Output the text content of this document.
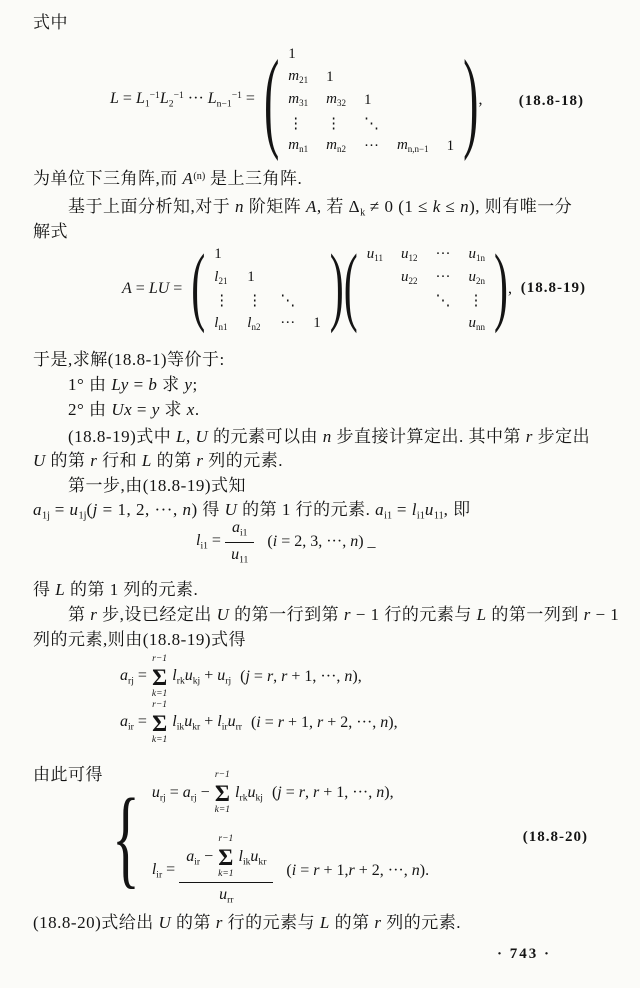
式中
为单位下三角阵,而 $A^{(n)}$ 是上三角阵.
基于上面分析知,对于 n 阶矩阵 A, 若 $\Delta_k \ne 0$ (1 ≤ k ≤ n), 则有唯一分
解式
于是,求解(18.8-1)等价于:
1° 由 Ly = b 求 y;
2° 由 Ux = y 求 x.
(18.8-19)式中 L, U 的元素可以由 n 步直接计算定出. 其中第 r 步定出
U 的第 r 行和 L 的第 r 列的元素.
第一步,由(18.8-19)式知
$a_{1j} = u_{1j}(j = 1$, 2, ···, n) 得 U 的第 1 行的元素. $a_{i1} = l_{i1}u_{11}$, 即
得 L 的第 1 列的元素.
第 r 步,设已经定出 U 的第一行到第 r − 1 行的元素与 L 的第一列到 r − 1
列的元素,则由(18.8-19)式得
由此可得
(18.8-20)式给出 U 的第 r 行的元素与 L 的第 r 列的元素.
$L = L_1^{-1}L_2^{-1}$ ··· $L_{n-1}^{-1}$ = ( 1				
$m_{21}$	1			
$m_{31}$	$m_{32}$	1		
⋮	⋮	⋱		
$m_{n1}$	$m_{n2}$	···	$m_{n,n-1}$	1 ) , (18.8-18)
A = LU = ( 1			
$l_{21}$	1		
⋮	⋮	⋱	
$l_{n1}$	$l_{n2}$	···	1 ) ( $u_{11}$	$u_{12}$	···	$u_{1n}$
	$u_{22}$	···	$u_{2n}$
		⋱	⋮
			$u_{nn}$ ) , (18.8-19)
$l_{i1} = \frac{a_{i1}}{u_{11}} (i = 2$, 3, ···, n) _
$a_{rj}$ =
r−1
Σ
k=1
$l_{rk}u_{kj} + u_{rj}$ (j = r, r + 1, ···, n),
$a_{ir}$ =
r−1
Σ
k=1
$l_{ik}u_{kr} + l_{ir}u_{rr}$ (i = r + 1, r + 2, ···, n),
{ $u_{rj} = a_{rj}$ −
r−1
Σ
k=1
$l_{rk}u_{kj}$ (j = r, r + 1, ···, n),
$l_{ir}$ =
$a_{ir}$ −
r−1
Σ
k=1
$l_{ik}u_{kr}$
$u_{rr}$
(i = r + 1,r + 2, ···, n).
(18.8-20)
· 743 ·
